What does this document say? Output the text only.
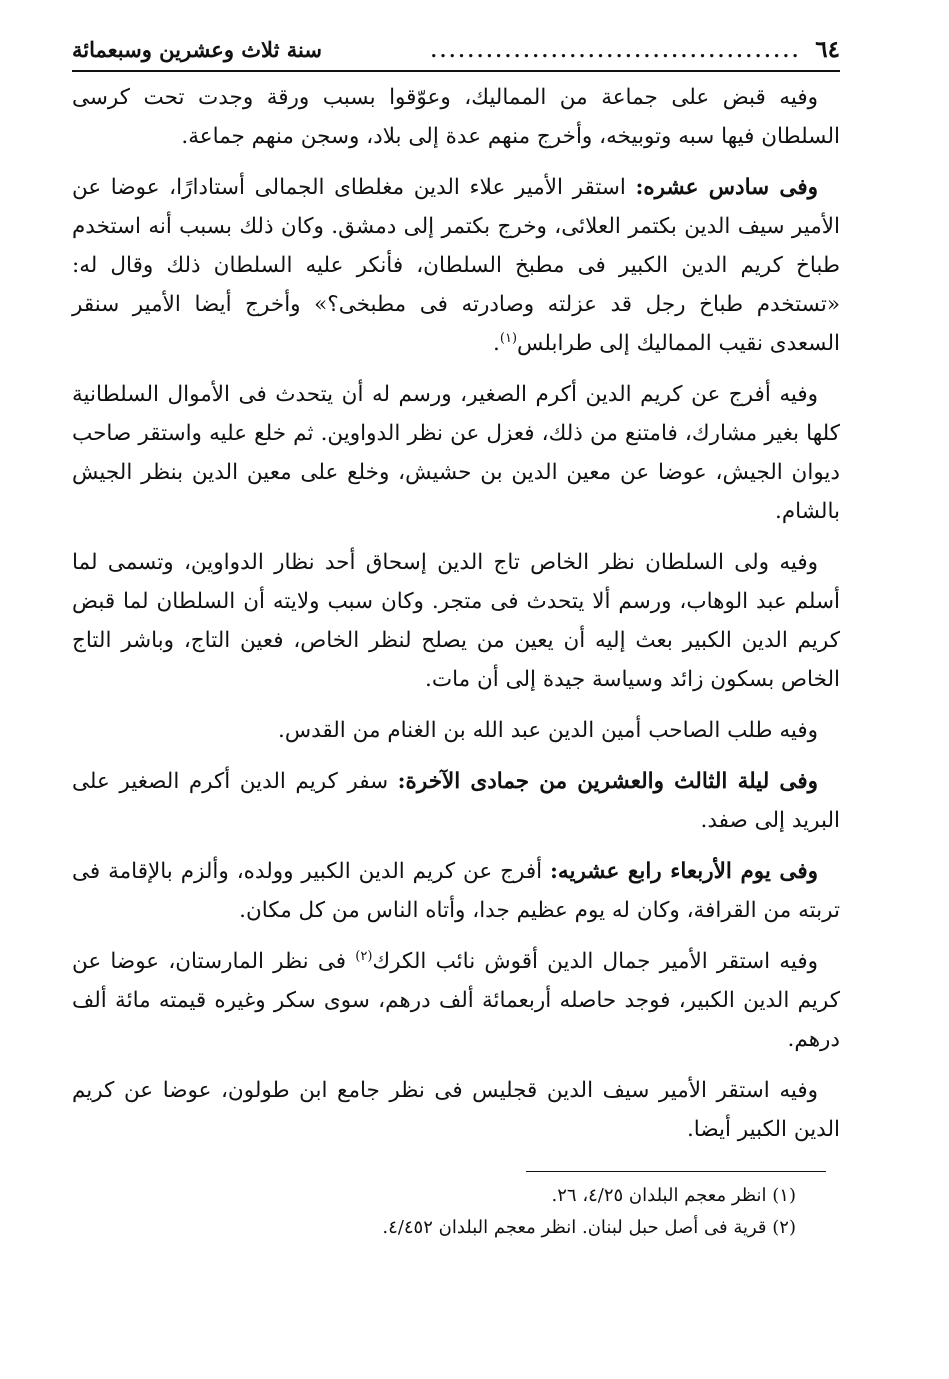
٦٤
........................................
سنة ثلاث وعشرين وسبعمائة

وفيه قبض على جماعة من المماليك، وعوّقوا بسبب ورقة وجدت تحت كرسى السلطان فيها سبه وتوبيخه، وأخرج منهم عدة إلى بلاد، وسجن منهم جماعة.

وفى سادس عشره: استقر الأمير علاء الدين مغلطاى الجمالى أستادارًا، عوضا عن الأمير سيف الدين بكتمر العلائى، وخرج بكتمر إلى دمشق. وكان ذلك بسبب أنه استخدم طباخ كريم الدين الكبير فى مطبخ السلطان، فأنكر عليه السلطان ذلك وقال له: «تستخدم طباخ رجل قد عزلته وصادرته فى مطبخى؟» وأخرج أيضا الأمير سنقر السعدى نقيب المماليك إلى طرابلس$^{(١)}$.

وفيه أفرج عن كريم الدين أكرم الصغير، ورسم له أن يتحدث فى الأموال السلطانية كلها بغير مشارك، فامتنع من ذلك، فعزل عن نظر الدواوين. ثم خلع عليه واستقر صاحب ديوان الجيش، عوضا عن معين الدين بن حشيش، وخلع على معين الدين بنظر الجيش بالشام.

وفيه ولى السلطان نظر الخاص تاج الدين إسحاق أحد نظار الدواوين، وتسمى لما أسلم عبد الوهاب، ورسم ألا يتحدث فى متجر. وكان سبب ولايته أن السلطان لما قبض كريم الدين الكبير بعث إليه أن يعين من يصلح لنظر الخاص، فعين التاج، وباشر التاج الخاص بسكون زائد وسياسة جيدة إلى أن مات.

وفيه طلب الصاحب أمين الدين عبد الله بن الغنام من القدس.

وفى ليلة الثالث والعشرين من جمادى الآخرة: سفر كريم الدين أكرم الصغير على البريد إلى صفد.

وفى يوم الأربعاء رابع عشريه: أفرج عن كريم الدين الكبير وولده، وألزم بالإقامة فى تربته من القرافة، وكان له يوم عظيم جدا، وأتاه الناس من كل مكان.

وفيه استقر الأمير جمال الدين أقوش نائب الكرك$^{(٢)}$ فى نظر المارستان، عوضا عن كريم الدين الكبير، فوجد حاصله أربعمائة ألف درهم، سوى سكر وغيره قيمته مائة ألف درهم.

وفيه استقر الأمير سيف الدين قجليس فى نظر جامع ابن طولون، عوضا عن كريم الدين الكبير أيضا.

(١) انظر معجم البلدان ٤/٢٥، ٢٦.
(٢) قرية فى أصل حبل لبنان. انظر معجم البلدان ٤/٤٥٢.
